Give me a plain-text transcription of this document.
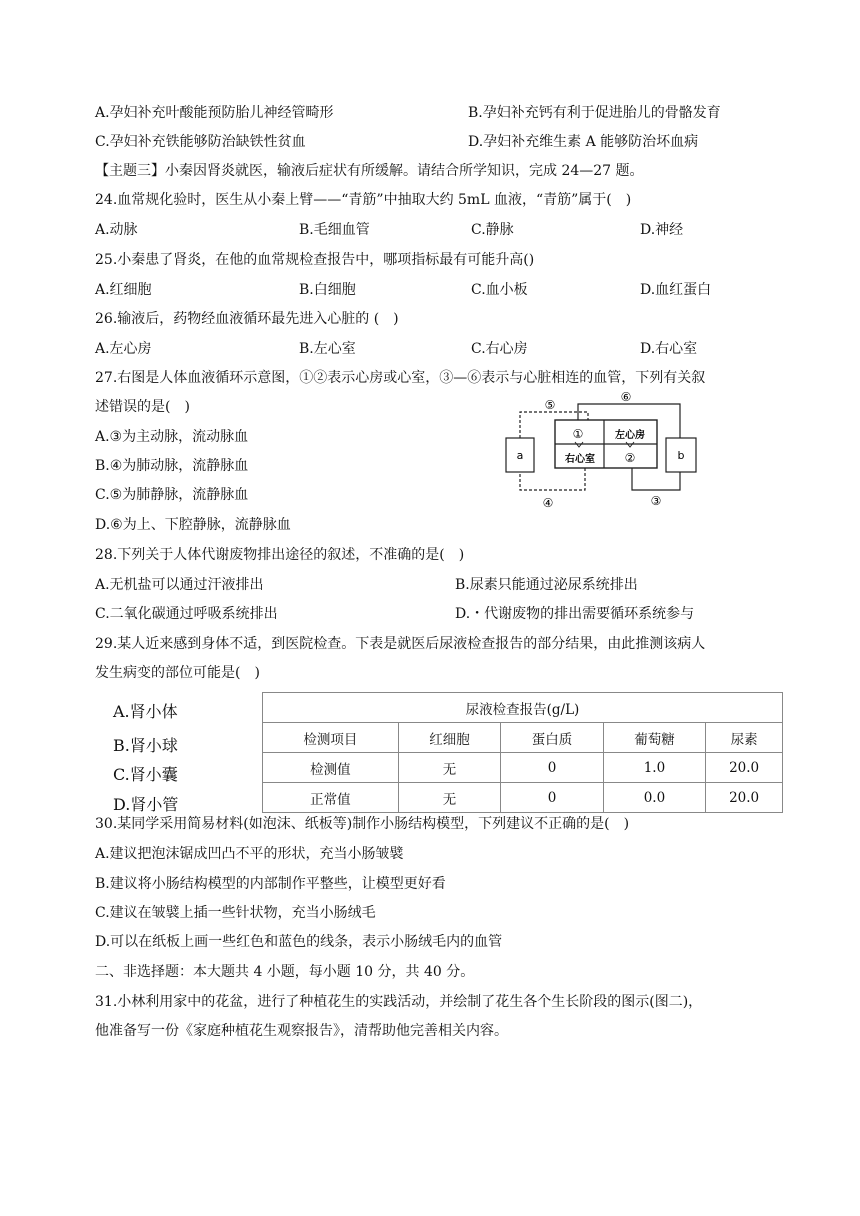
A.孕妇补充叶酸能预防胎儿神经管畸形	B.孕妇补充钙有利于促进胎儿的骨骼发育
C.孕妇补充铁能够防治缺铁性贫血	D.孕妇补充维生素 A 能够防治坏血病
【主题三】小秦因肾炎就医，输液后症状有所缓解。请结合所学知识，完成 24—27 题。
24.血常规化验时，医生从小秦上臂——“青筋”中抽取大约 5mL 血液，“青筋”属于(　)
A.动脉	B.毛细血管	C.静脉	D.神经
25.小秦患了肾炎，在他的血常规检查报告中，哪项指标最有可能升高()
A.红细胞	B.白细胞	C.血小板	D.血红蛋白
26.输液后，药物经血液循环最先进入心脏的 (　)
A.左心房	B.左心室	C.右心房	D.右心室
27.右图是人体血液循环示意图，①②表示心房或心室，③—⑥表示与心脏相连的血管，下列有关叙
述错误的是(　)
A.③为主动脉，流动脉血
B.④为肺动脉，流静脉血
C.⑤为肺静脉，流静脉血
D.⑥为上、下腔静脉，流静脉血
a	b
①	左心房
右心室 ②
⑤
⑥
③
④
28.下列关于人体代谢废物排出途径的叙述，不准确的是(　)
A.无机盐可以通过汗液排出	B.尿素只能通过泌尿系统排出
C.二氧化碳通过呼吸系统排出	D.・代谢废物的排出需要循环系统参与
29.某人近来感到身体不适，到医院检查。下表是就医后尿液检查报告的部分结果，由此推测该病人
发生病变的部位可能是(　)
A.肾小体
B.肾小球
C.肾小囊
D.肾小管
尿液检查报告(g/L)				
检测项目	红细胞	蛋白质	葡萄糖	尿素
检测值	无	0	1.0	20.0
正常值	无	0	0.0	20.0
30.某同学采用简易材料(如泡沫、纸板等)制作小肠结构模型，下列建议不正确的是(　)
A.建议把泡沫锯成凹凸不平的形状，充当小肠皱襞
B.建议将小肠结构模型的内部制作平整些，让模型更好看
C.建议在皱襞上插一些针状物，充当小肠绒毛
D.可以在纸板上画一些红色和蓝色的线条，表示小肠绒毛内的血管
二、非选择题：本大题共 4 小题，每小题 10 分，共 40 分。
31.小林利用家中的花盆，进行了种植花生的实践活动，并绘制了花生各个生长阶段的图示(图二)，
他准备写一份《家庭种植花生观察报告》，清帮助他完善相关内容。
